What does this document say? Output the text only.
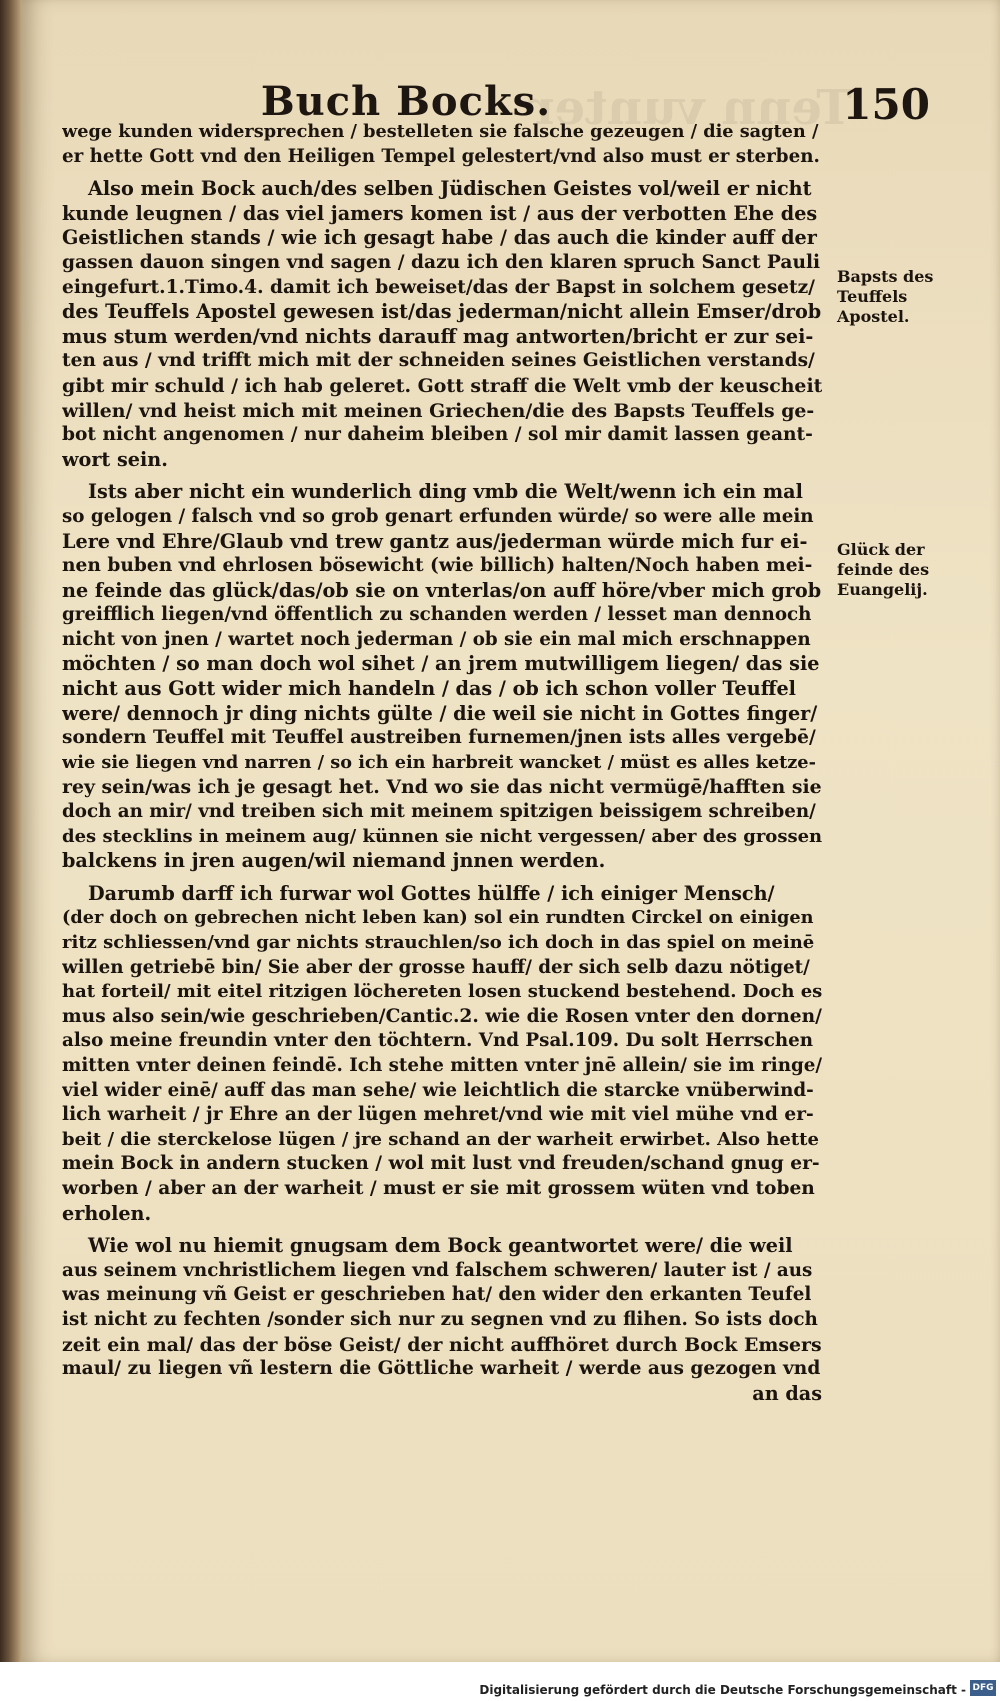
Tenn vunter
Buch Bocks.	150
wege kunden widersprechen / bestelleten sie falsche gezeugen / die sagten /
er hette Gott vnd den Heiligen Tempel gelestert/vnd also must er sterben.
Also mein Bock auch/des selben Jüdischen Geistes vol/weil er nicht
kunde leugnen / das viel jamers komen ist / aus der verbotten Ehe des
Geistlichen stands / wie ich gesagt habe / das auch die kinder auff der
gassen dauon singen vnd sagen / dazu ich den klaren spruch Sanct Pauli
eingefurt.1.Timo.4. damit ich beweiset/das der Bapst in solchem gesetz/
des Teuffels Apostel gewesen ist/das jederman/nicht allein Emser/drob
mus stum werden/vnd nichts darauff mag antworten/bricht er zur sei-
ten aus / vnd trifft mich mit der schneiden seines Geistlichen verstands/
gibt mir schuld / ich hab geleret. Gott straff die Welt vmb der keuscheit
willen/ vnd heist mich mit meinen Griechen/die des Bapsts Teuffels ge-
bot nicht angenomen / nur daheim bleiben / sol mir damit lassen geant-
wort sein.
Ists aber nicht ein wunderlich ding vmb die Welt/wenn ich ein mal
so gelogen / falsch vnd so grob genart erfunden würde/ so were alle mein
Lere vnd Ehre/Glaub vnd trew gantz aus/jederman würde mich fur ei-
nen buben vnd ehrlosen bösewicht (wie billich) halten/Noch haben mei-
ne feinde das glück/das/ob sie on vnterlas/on auff höre/vber mich grob
greifflich liegen/vnd öffentlich zu schanden werden / lesset man dennoch
nicht von jnen / wartet noch jederman / ob sie ein mal mich erschnappen
möchten / so man doch wol sihet / an jrem mutwilligem liegen/ das sie
nicht aus Gott wider mich handeln / das / ob ich schon voller Teuffel
were/ dennoch jr ding nichts gülte / die weil sie nicht in Gottes finger/
sondern Teuffel mit Teuffel austreiben furnemen/jnen ists alles vergebē/
wie sie liegen vnd narren / so ich ein harbreit wancket / müst es alles ketze-
rey sein/was ich je gesagt het. Vnd wo sie das nicht vermügē/hafften sie
doch an mir/ vnd treiben sich mit meinem spitzigen beissigem schreiben/
des stecklins in meinem aug/ künnen sie nicht vergessen/ aber des grossen
balckens in jren augen/wil niemand jnnen werden.
Darumb darff ich furwar wol Gottes hülffe / ich einiger Mensch/
(der doch on gebrechen nicht leben kan) sol ein rundten Circkel on einigen
ritz schliessen/vnd gar nichts strauchlen/so ich doch in das spiel on meinē
willen getriebē bin/ Sie aber der grosse hauff/ der sich selb dazu nötiget/
hat forteil/ mit eitel ritzigen löchereten losen stuckend bestehend. Doch es
mus also sein/wie geschrieben/Cantic.2. wie die Rosen vnter den dornen/
also meine freundin vnter den töchtern. Vnd Psal.109. Du solt Herrschen
mitten vnter deinen feindē. Ich stehe mitten vnter jnē allein/ sie im ringe/
viel wider einē/ auff das man sehe/ wie leichtlich die starcke vnüberwind-
lich warheit / jr Ehre an der lügen mehret/vnd wie mit viel mühe vnd er-
beit / die sterckelose lügen / jre schand an der warheit erwirbet. Also hette
mein Bock in andern stucken / wol mit lust vnd freuden/schand gnug er-
worben / aber an der warheit / must er sie mit grossem wüten vnd toben
erholen.
Wie wol nu hiemit gnugsam dem Bock geantwortet were/ die weil
aus seinem vnchristlichem liegen vnd falschem schweren/ lauter ist / aus
was meinung vñ Geist er geschrieben hat/ den wider den erkanten Teufel
ist nicht zu fechten /sonder sich nur zu segnen vnd zu flihen. So ists doch
zeit ein mal/ das der böse Geist/ der nicht auffhöret durch Bock Emsers
maul/ zu liegen vñ lestern die Göttliche warheit / werde aus gezogen vnd
an das
Bapsts des
Teuffels
Apostel.
Glück der
feinde des
Euangelij.
Digitalisierung gefördert durch die Deutsche Forschungsgemeinschaft - DFG
